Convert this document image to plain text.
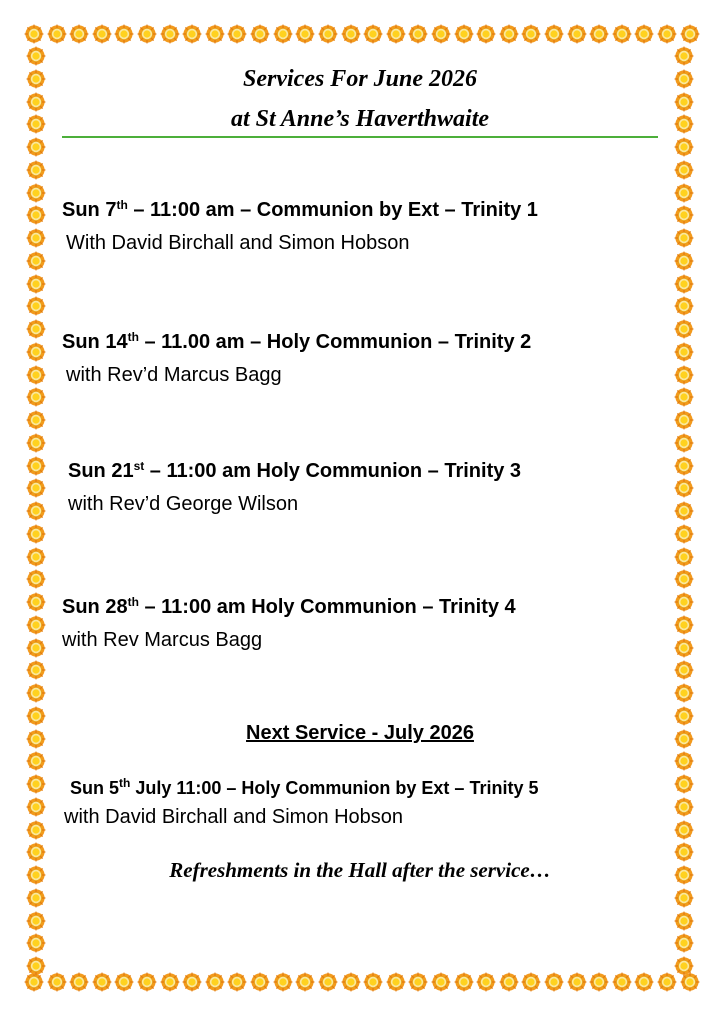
Services For June 2026
at St Anne’s Haverthwaite
Sun 7th – 11:00 am – Communion by Ext – Trinity 1
With David Birchall and Simon Hobson
Sun 14th – 11.00 am – Holy Communion – Trinity 2
with Rev’d Marcus Bagg
Sun 21st – 11:00 am Holy Communion – Trinity 3
with Rev’d George Wilson
Sun 28th – 11:00 am Holy Communion – Trinity 4
with Rev Marcus Bagg
Next Service - July 2026
Sun 5th July 11:00 – Holy Communion by Ext – Trinity 5
with David Birchall and Simon Hobson
Refreshments in the Hall after the service…
